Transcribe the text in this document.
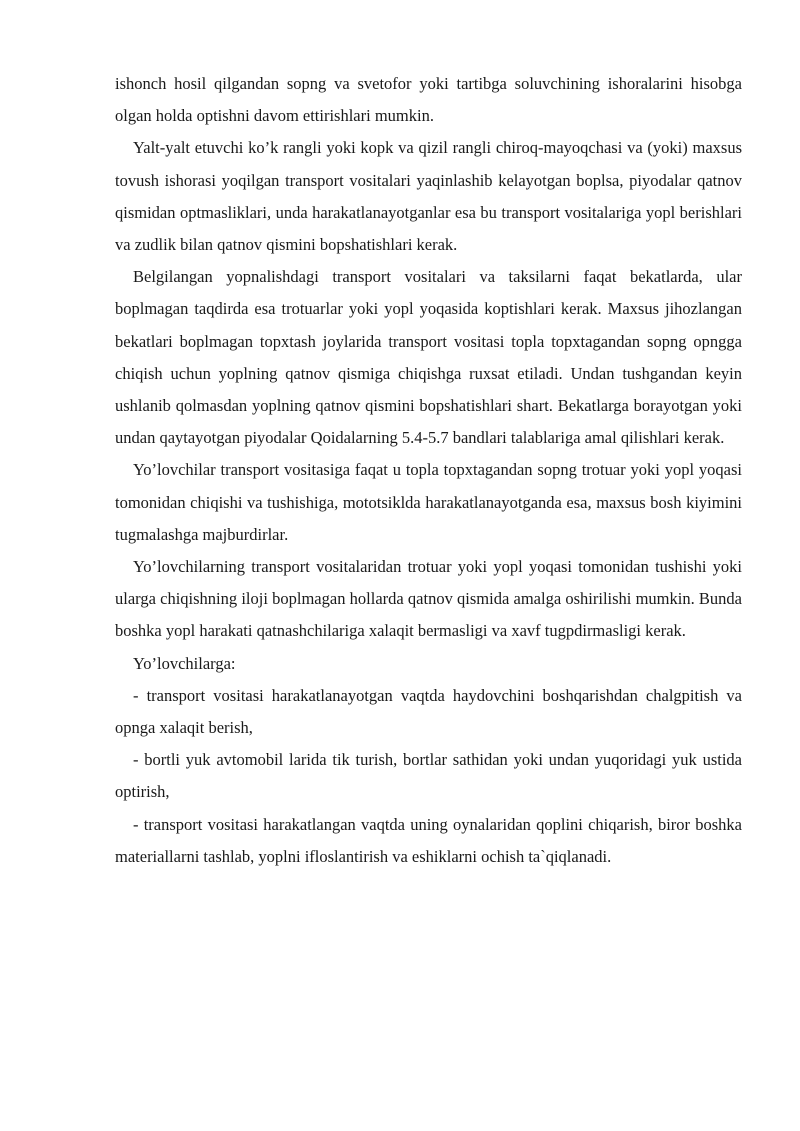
ishonch hosil qilgandan sopng va svetofor yoki tartibga soluvchining ishoralarini hisobga olgan holda optishni davom ettirishlari mumkin.

Yalt-yalt etuvchi ko’k rangli yoki kopk va qizil rangli chiroq-mayoqchasi va (yoki) maxsus tovush ishorasi yoqilgan transport vositalari yaqinlashib kelayotgan boplsa, piyodalar qatnov qismidan optmasliklari, unda harakatlanayotganlar esa bu transport vositalariga yopl berishlari va zudlik bilan qatnov qismini bopshatishlari kerak.

Belgilangan yopnalishdagi transport vositalari va taksilarni faqat bekatlarda, ular boplmagan taqdirda esa trotuarlar yoki yopl yoqasida koptishlari kerak. Maxsus jihozlangan bekatlari boplmagan topxtash joylarida transport vositasi topla topxtagandan sopng opngga chiqish uchun yoplning qatnov qismiga chiqishga ruxsat etiladi. Undan tushgandan keyin ushlanib qolmasdan yoplning qatnov qismini bopshatishlari shart. Bekatlarga borayotgan yoki undan qaytayotgan piyodalar Qoidalarning 5.4-5.7 bandlari talablariga amal qilishlari kerak.

Yo’lovchilar transport vositasiga faqat u topla topxtagandan sopng trotuar yoki yopl yoqasi tomonidan chiqishi va tushishiga, mototsiklda harakatlanayotganda esa, maxsus bosh kiyimini tugmalashga majburdirlar.

Yo’lovchilarning transport vositalaridan trotuar yoki yopl yoqasi tomonidan tushishi yoki ularga chiqishning iloji boplmagan hollarda qatnov qismida amalga oshirilishi mumkin. Bunda boshka yopl harakati qatnashchilariga xalaqit bermasligi va xavf tugpdirmasligi kerak.

Yo’lovchilarga:

- transport vositasi harakatlanayotgan vaqtda haydovchini boshqarishdan chalgpitish va opnga xalaqit berish,

- bortli yuk avtomobil larida tik turish, bortlar sathidan yoki undan yuqoridagi yuk ustida optirish,

- transport vositasi harakatlangan vaqtda uning oynalaridan qoplini chiqarish, biror boshka materiallarni tashlab, yoplni ifloslantirish va eshiklarni ochish ta`qiqlanadi.
